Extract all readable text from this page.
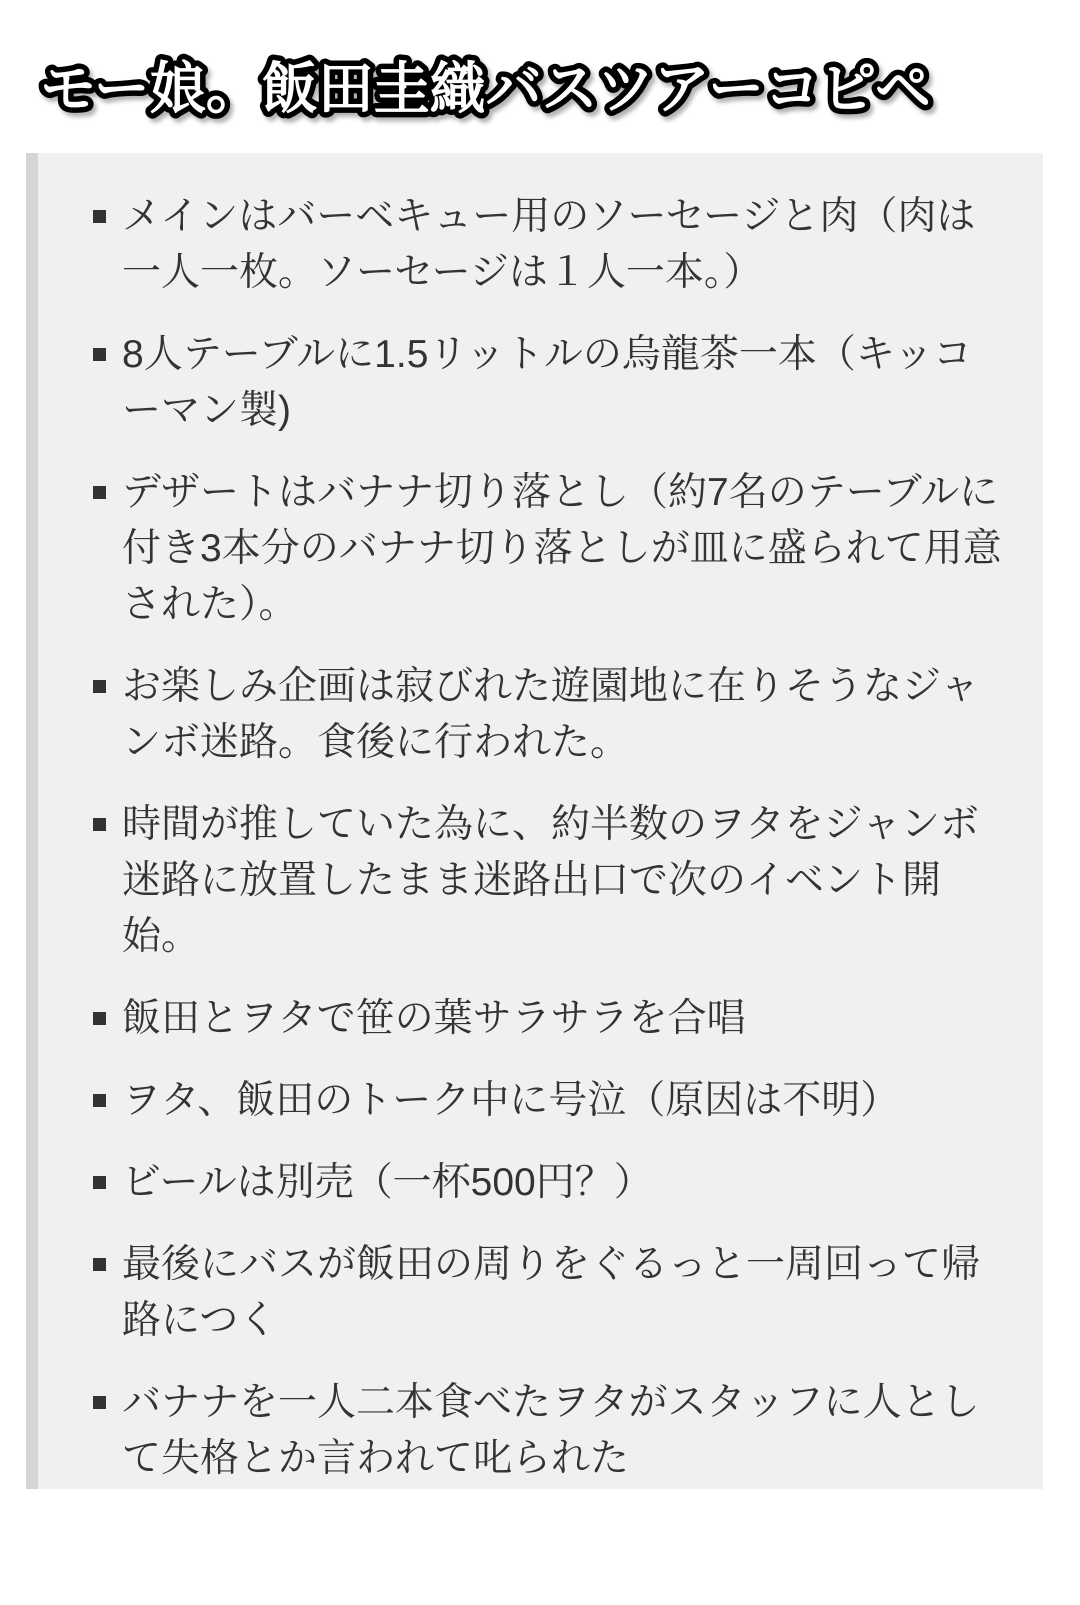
モー娘。飯田圭織バスツアーコピペ
メインはバーベキュー用のソーセージと肉（肉は一人一枚。ソーセージは１人一本。）
8人テーブルに1.5リットルの烏龍茶一本（キッコーマン製)
デザートはバナナ切り落とし（約7名のテーブルに付き3本分のバナナ切り落としが皿に盛られて用意された）。
お楽しみ企画は寂びれた遊園地に在りそうなジャンボ迷路。食後に行われた。
時間が推していた為に、約半数のヲタをジャンボ迷路に放置したまま迷路出口で次のイベント開始。
飯田とヲタで笹の葉サラサラを合唱
ヲタ、飯田のトーク中に号泣（原因は不明）
ビールは別売（一杯500円？）
最後にバスが飯田の周りをぐるっと一周回って帰路につく
バナナを一人二本食べたヲタがスタッフに人として失格とか言われて叱られた
